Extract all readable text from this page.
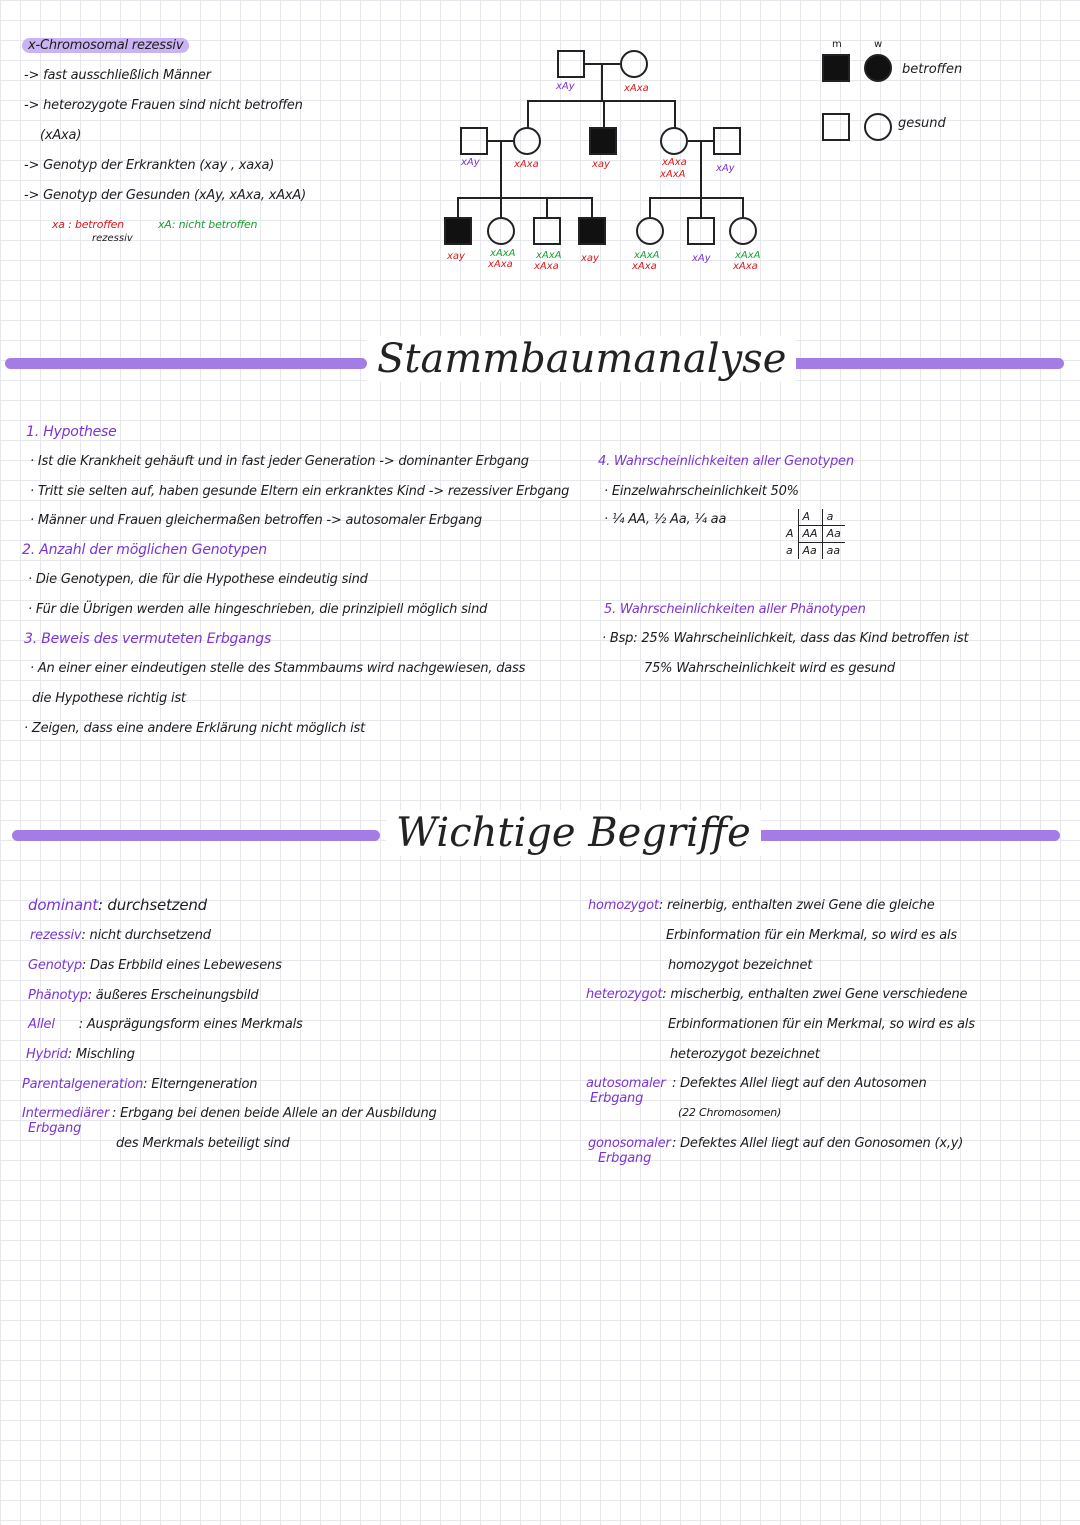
x-Chromosomal rezessiv
-> fast ausschließlich Männer
-> heterozygote Frauen sind nicht betroffen
(xAxa)
-> Genotyp der Erkrankten (xay , xaxa)
-> Genotyp der Gesunden (xAy, xAxa, xAxA)
xa : betroffen
rezessiv
xA: nicht betroffen
xAy	xAxa
xAy	xAxa	xay	xAxa
xAxA
xAy
xay	xAxA
xAxa
xAxA
xAxa
xay	xAxA
xAxa
xAy xAxA
xAxa
m	w
betroffen
gesund
Stammbaumanalyse
1. Hypothese
· Ist die Krankheit gehäuft und in fast jeder Generation -> dominanter Erbgang
· Tritt sie selten auf, haben gesunde Eltern ein erkranktes Kind -> rezessiver Erbgang
· Männer und Frauen gleichermaßen betroffen -> autosomaler Erbgang
2. Anzahl der möglichen Genotypen
· Die Genotypen, die für die Hypothese eindeutig sind
· Für die Übrigen werden alle hingeschrieben, die prinzipiell möglich sind
3. Beweis des vermuteten Erbgangs
· An einer einer eindeutigen stelle des Stammbaums wird nachgewiesen, dass
die Hypothese richtig ist
· Zeigen, dass eine andere Erklärung nicht möglich ist
4. Wahrscheinlichkeiten aller Genotypen
· Einzelwahrscheinlichkeit 50%
· ¼ AA, ½ Aa, ¼ aa
		A	a
A	AA	Aa
a	Aa	aa
5. Wahrscheinlichkeiten aller Phänotypen
· Bsp: 25% Wahrscheinlichkeit, dass das Kind betroffen ist
75% Wahrscheinlichkeit wird es gesund
Wichtige Begriffe
dominant: durchsetzend
rezessiv: nicht durchsetzend
Genotyp: Das Erbbild eines Lebewesens
Phänotyp: äußeres Erscheinungsbild
Allel : Ausprägungsform eines Merkmals
Hybrid: Mischling
Parentalgeneration: Elterngeneration
Intermediärer
Erbgang
: Erbgang bei denen beide Allele an der Ausbildung
des Merkmals beteiligt sind
homozygot: reinerbig, enthalten zwei Gene die gleiche
Erbinformation für ein Merkmal, so wird es als
homozygot bezeichnet
heterozygot: mischerbig, enthalten zwei Gene verschiedene
Erbinformationen für ein Merkmal, so wird es als
heterozygot bezeichnet
autosomaler
Erbgang
: Defektes Allel liegt auf den Autosomen
(22 Chromosomen)
gonosomaler
Erbgang
: Defektes Allel liegt auf den Gonosomen (x,y)
